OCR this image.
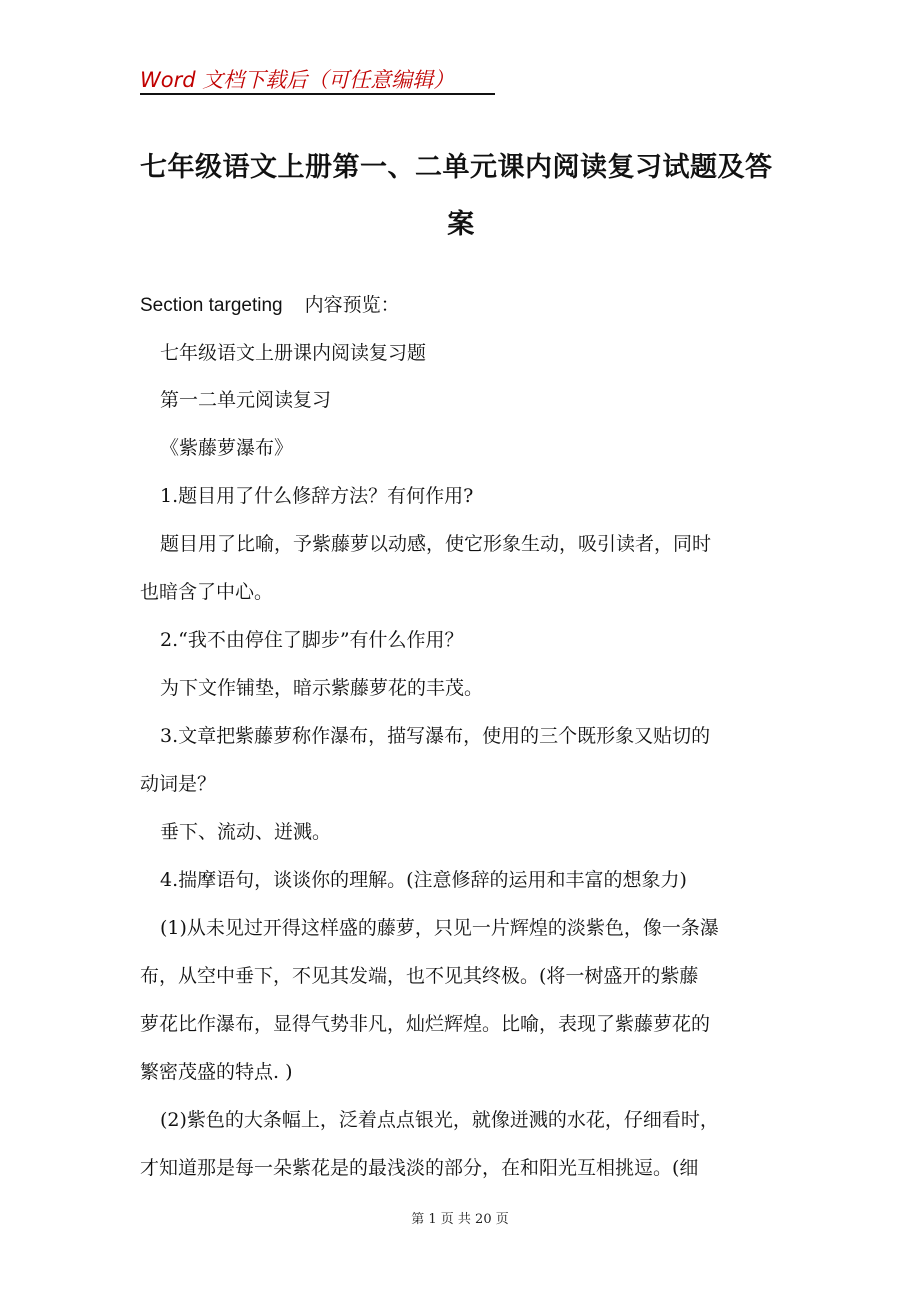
Word 文档下载后（可任意编辑）
七年级语文上册第一、二单元课内阅读复习试题及答
案
Section targeting 内容预览：
七年级语文上册课内阅读复习题
第一二单元阅读复习
《紫藤萝瀑布》
1.题目用了什么修辞方法？有何作用?
题目用了比喻，予紫藤萝以动感，使它形象生动，吸引读者，同时
也暗含了中心。
2.“我不由停住了脚步”有什么作用？
为下文作铺垫，暗示紫藤萝花的丰茂。
3.文章把紫藤萝称作瀑布，描写瀑布，使用的三个既形象又贴切的
动词是？
垂下、流动、迸溅。
4.揣摩语句，谈谈你的理解。(注意修辞的运用和丰富的想象力)
(1)从未见过开得这样盛的藤萝，只见一片辉煌的淡紫色，像一条瀑
布，从空中垂下，不见其发端，也不见其终极。(将一树盛开的紫藤
萝花比作瀑布，显得气势非凡，灿烂辉煌。比喻，表现了紫藤萝花的
繁密茂盛的特点. )
(2)紫色的大条幅上，泛着点点银光，就像迸溅的水花，仔细看时，
才知道那是每一朵紫花是的最浅淡的部分，在和阳光互相挑逗。(细
第 1 页 共 20 页
